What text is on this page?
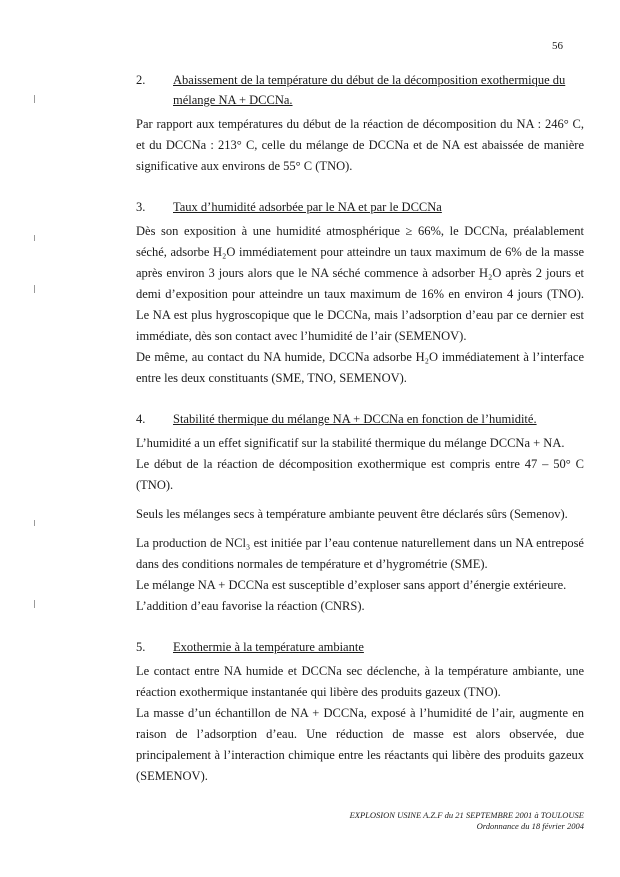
56
2.	Abaissement de la température du début de la décomposition exothermique du mélange NA + DCCNa.

Par rapport aux températures du début de la réaction de décomposition du NA : 246° C, et du DCCNa : 213° C, celle du mélange de DCCNa et de NA est abaissée de manière significative aux environs de 55° C (TNO).

3.	Taux d’humidité adsorbée par le NA et par le DCCNa

Dès son exposition à une humidité atmosphérique ≥ 66%, le DCCNa, préalablement séché, adsorbe H₂O immédiatement pour atteindre un taux maximum de 6% de la masse après environ 3 jours alors que le NA séché commence à adsorber H₂O après 2 jours et demi d’exposition pour atteindre un taux maximum de 16% en environ 4 jours (TNO). Le NA est plus hygroscopique que le DCCNa, mais l’adsorption d’eau par ce dernier est immédiate, dès son contact avec l’humidité de l’air (SEMENOV).

De même, au contact du NA humide, DCCNa adsorbe H₂O immédiatement à l’interface entre les deux constituants (SME, TNO, SEMENOV).

4.	Stabilité thermique du mélange NA + DCCNa en fonction de l’humidité.

L’humidité a un effet significatif sur la stabilité thermique du mélange DCCNa + NA.

Le début de la réaction de décomposition exothermique est compris entre 47 – 50° C (TNO).

Seuls les mélanges secs à température ambiante peuvent être déclarés sûrs (Semenov).

La production de NCl₃ est initiée par l’eau contenue naturellement dans un NA entreposé dans des conditions normales de température et d’hygrométrie (SME).

Le mélange NA + DCCNa est susceptible d’exploser sans apport d’énergie extérieure.

L’addition d’eau favorise la réaction (CNRS).

5.	Exothermie à la température ambiante

Le contact entre NA humide et DCCNa sec déclenche, à la température ambiante, une réaction exothermique instantanée qui libère des produits gazeux (TNO).

La masse d’un échantillon de NA + DCCNa, exposé à l’humidité de l’air, augmente en raison de l’adsorption d’eau. Une réduction de masse est alors observée, due principalement à l’interaction chimique entre les réactants qui libère des produits gazeux (SEMENOV).

EXPLOSION USINE A.Z.F du 21 SEPTEMBRE 2001 à TOULOUSE
Ordonnance du 18 février 2004
